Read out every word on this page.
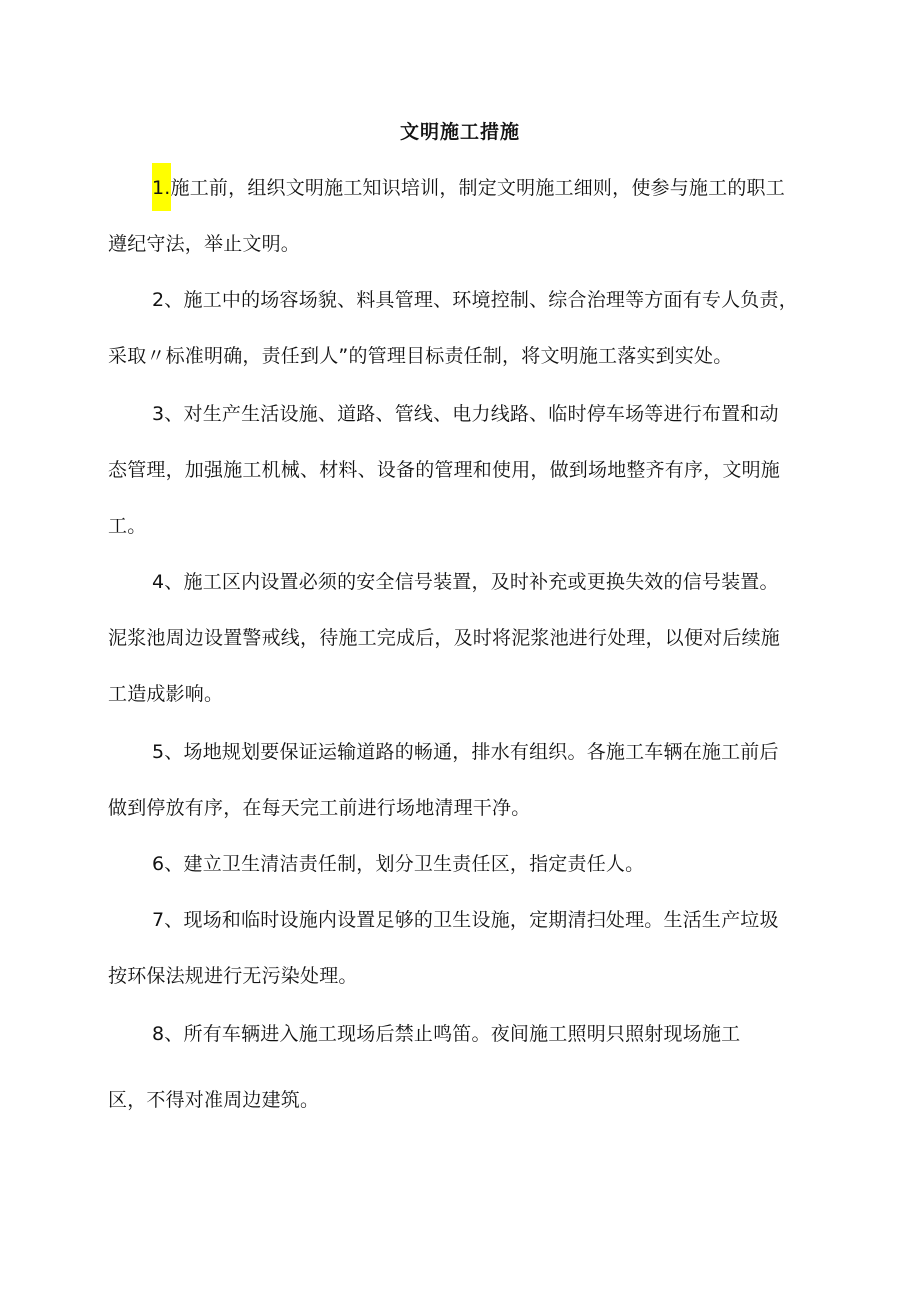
文明施工措施
1.施工前，组织文明施工知识培训，制定文明施工细则，使参与施工的职工
遵纪守法，举止文明。
2、施工中的场容场貌、料具管理、环境控制、综合治理等方面有专人负责，
采取〃标准明确，责任到人”的管理目标责任制，将文明施工落实到实处。
3、对生产生活设施、道路、管线、电力线路、临时停车场等进行布置和动
态管理，加强施工机械、材料、设备的管理和使用，做到场地整齐有序，文明施
工。
4、施工区内设置必须的安全信号装置，及时补充或更换失效的信号装置。
泥浆池周边设置警戒线，待施工完成后，及时将泥浆池进行处理，以便对后续施
工造成影响。
5、场地规划要保证运输道路的畅通，排水有组织。各施工车辆在施工前后
做到停放有序，在每天完工前进行场地清理干净。
6、建立卫生清洁责任制，划分卫生责任区，指定责任人。
7、现场和临时设施内设置足够的卫生设施，定期清扫处理。生活生产垃圾
按环保法规进行无污染处理。
8、所有车辆进入施工现场后禁止鸣笛。夜间施工照明只照射现场施工
区，不得对准周边建筑。
